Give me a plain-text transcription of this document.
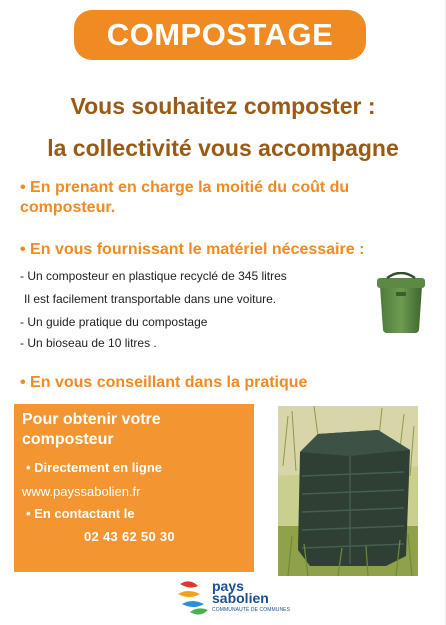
COMPOSTAGE
Vous souhaitez composter :
la collectivité vous accompagne
• En prenant en charge la moitié du coût du composteur.
• En vous fournissant le matériel nécessaire :
- Un composteur en plastique recyclé de 345 litres
Il est facilement transportable dans une voiture.
- Un guide pratique du compostage
- Un bioseau de 10 litres .
• En vous conseillant dans la pratique
Pour obtenir votre composteur
• Directement en ligne
www.payssabolien.fr
• En contactant le
02 43 62 50 30
pays
sabolien
COMMUNAUTÉ DE COMMUNES
